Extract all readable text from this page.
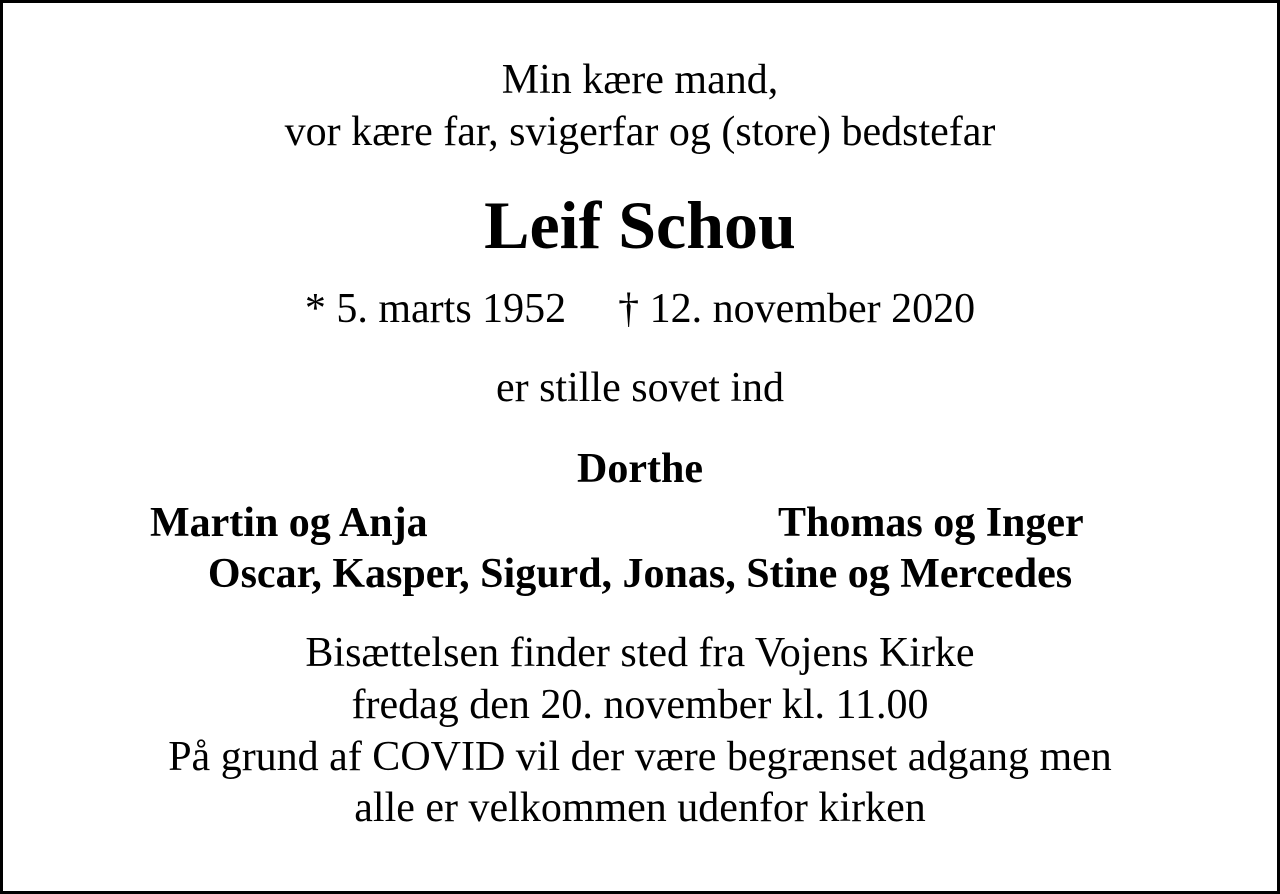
Min kære mand,
vor kære far, svigerfar og (store) bedstefar
Leif Schou
* 5. marts 1952 † 12. november 2020
er stille sovet ind
Dorthe
Martin og Anja	Thomas og Inger
Oscar, Kasper, Sigurd, Jonas, Stine og Mercedes
Bisættelsen finder sted fra Vojens Kirke
fredag den 20. november kl. 11.00
På grund af COVID vil der være begrænset adgang men
alle er velkommen udenfor kirken
